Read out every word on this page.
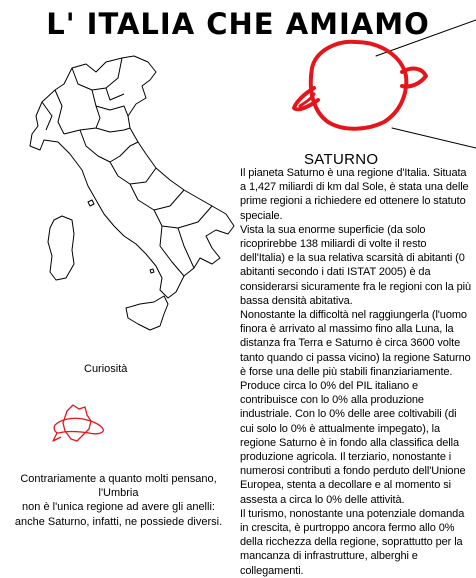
L' ITALIA CHE AMIAMO
SATURNO

Il pianeta Saturno è una regione d'Italia. Situata a 1,427 miliardi di km dal Sole, è stata una delle prime regioni a richiedere ed ottenere lo statuto speciale.

Vista la sua enorme superficie (da solo ricoprirebbe 138 miliardi di volte il resto dell'Italia) e la sua relativa scarsità di abitanti (0 abitanti secondo i dati ISTAT 2005) è da considerarsi sicuramente fra le regioni con la più bassa densità abitativa.

Nonostante la difficoltà nel raggiungerla (l'uomo finora è arrivato al massimo fino alla Luna, la distanza fra Terra e Saturno è circa 3600 volte tanto quando ci passa vicino) la regione Saturno è forse una delle più stabili finanziariamente.

Produce circa lo 0% del PIL italiano e contribuisce con lo 0% alla produzione industriale. Con lo 0% delle aree coltivabili (di cui solo lo 0% è attualmente impegato), la regione Saturno è in fondo alla classifica della produzione agricola. Il terziario, nonostante i numerosi contributi a fondo perduto dell'Unione Europea, stenta a decollare e al momento si assesta a circa lo 0% delle attività.

Il turismo, nonostante una potenziale domanda in crescita, è purtroppo ancora fermo allo 0% della ricchezza della regione, soprattutto per la mancanza di infrastrutture, alberghi e collegamenti.

Curiosità

Contrariamente a quanto molti pensano, l'Umbria

non è l'unica regione ad avere gli anelli:

anche Saturno, infatti, ne possiede diversi.
